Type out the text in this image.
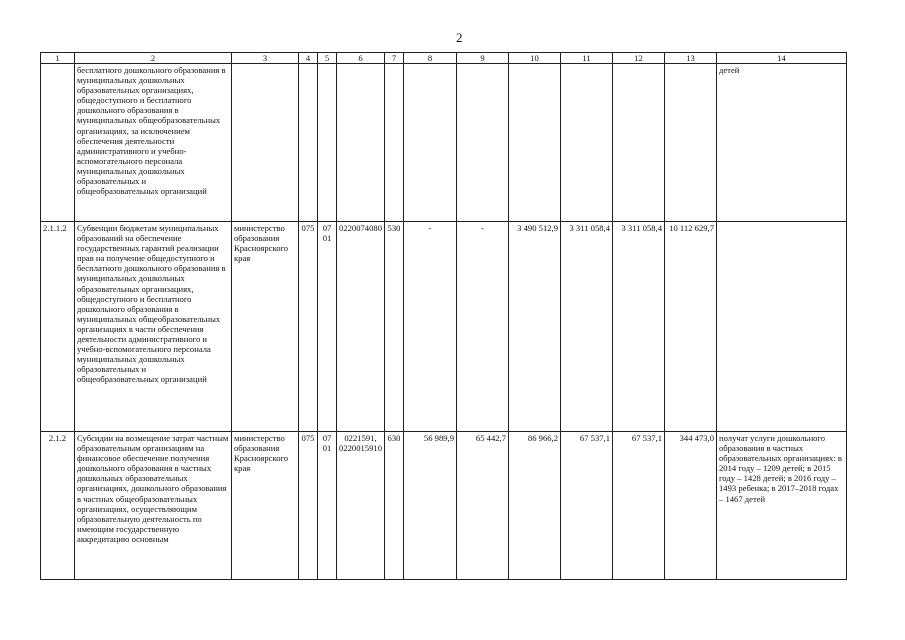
2
1	2	3	4	5	6	7	8	9	10	11	12	13	14
	бесплатного дошкольного образования в муниципальных дошкольных образовательных организациях, общедоступного и бесплатного дошкольного образования в муниципальных общеобразовательных организациях, за исключением обеспечения деятельности административного и учебно-вспомогательного персонала муниципальных дошкольных образовательных и общеобразовательных организаций												детей
2.1.1.2	Субвенции бюджетам муниципальных образований на обеспечение государственных гарантий реализации прав на получение общедоступного и бесплатного дошкольного образования в муниципальных дошкольных образовательных организациях, общедоступного и бесплатного дошкольного образования в муниципальных общеобразовательных организациях в части обеспечения деятельности административного и учебно-вспомогательного персонала муниципальных дошкольных образовательных и общеобразовательных организаций	министерство образования Красноярского края	075	07 01	0220074080	530	-	-	3 490 512,9	3 311 058,4	3 311 058,4	10 112 629,7	
2.1.2	Субсидии на возмещение затрат частным образовательным организациям на финансовое обеспечение получения дошкольного образования в частных дошкольных образовательных организациях, дошкольного образования в частных общеобразовательных организациях, осуществляющим образовательную деятельность по имеющим государственную аккредитацию основным	министерство образования Красноярского края	075	07 01	0221591, 0220015910	630	56 989,9	65 442,7	86 966,2	67 537,1	67 537,1	344 473,0	получат услуги дошкольного образования в частных образовательных организациях: в 2014 году – 1209 детей; в 2015 году – 1428 детей; в 2016 году – 1493 ребенка; в 2017–2018 годах – 1467 детей
